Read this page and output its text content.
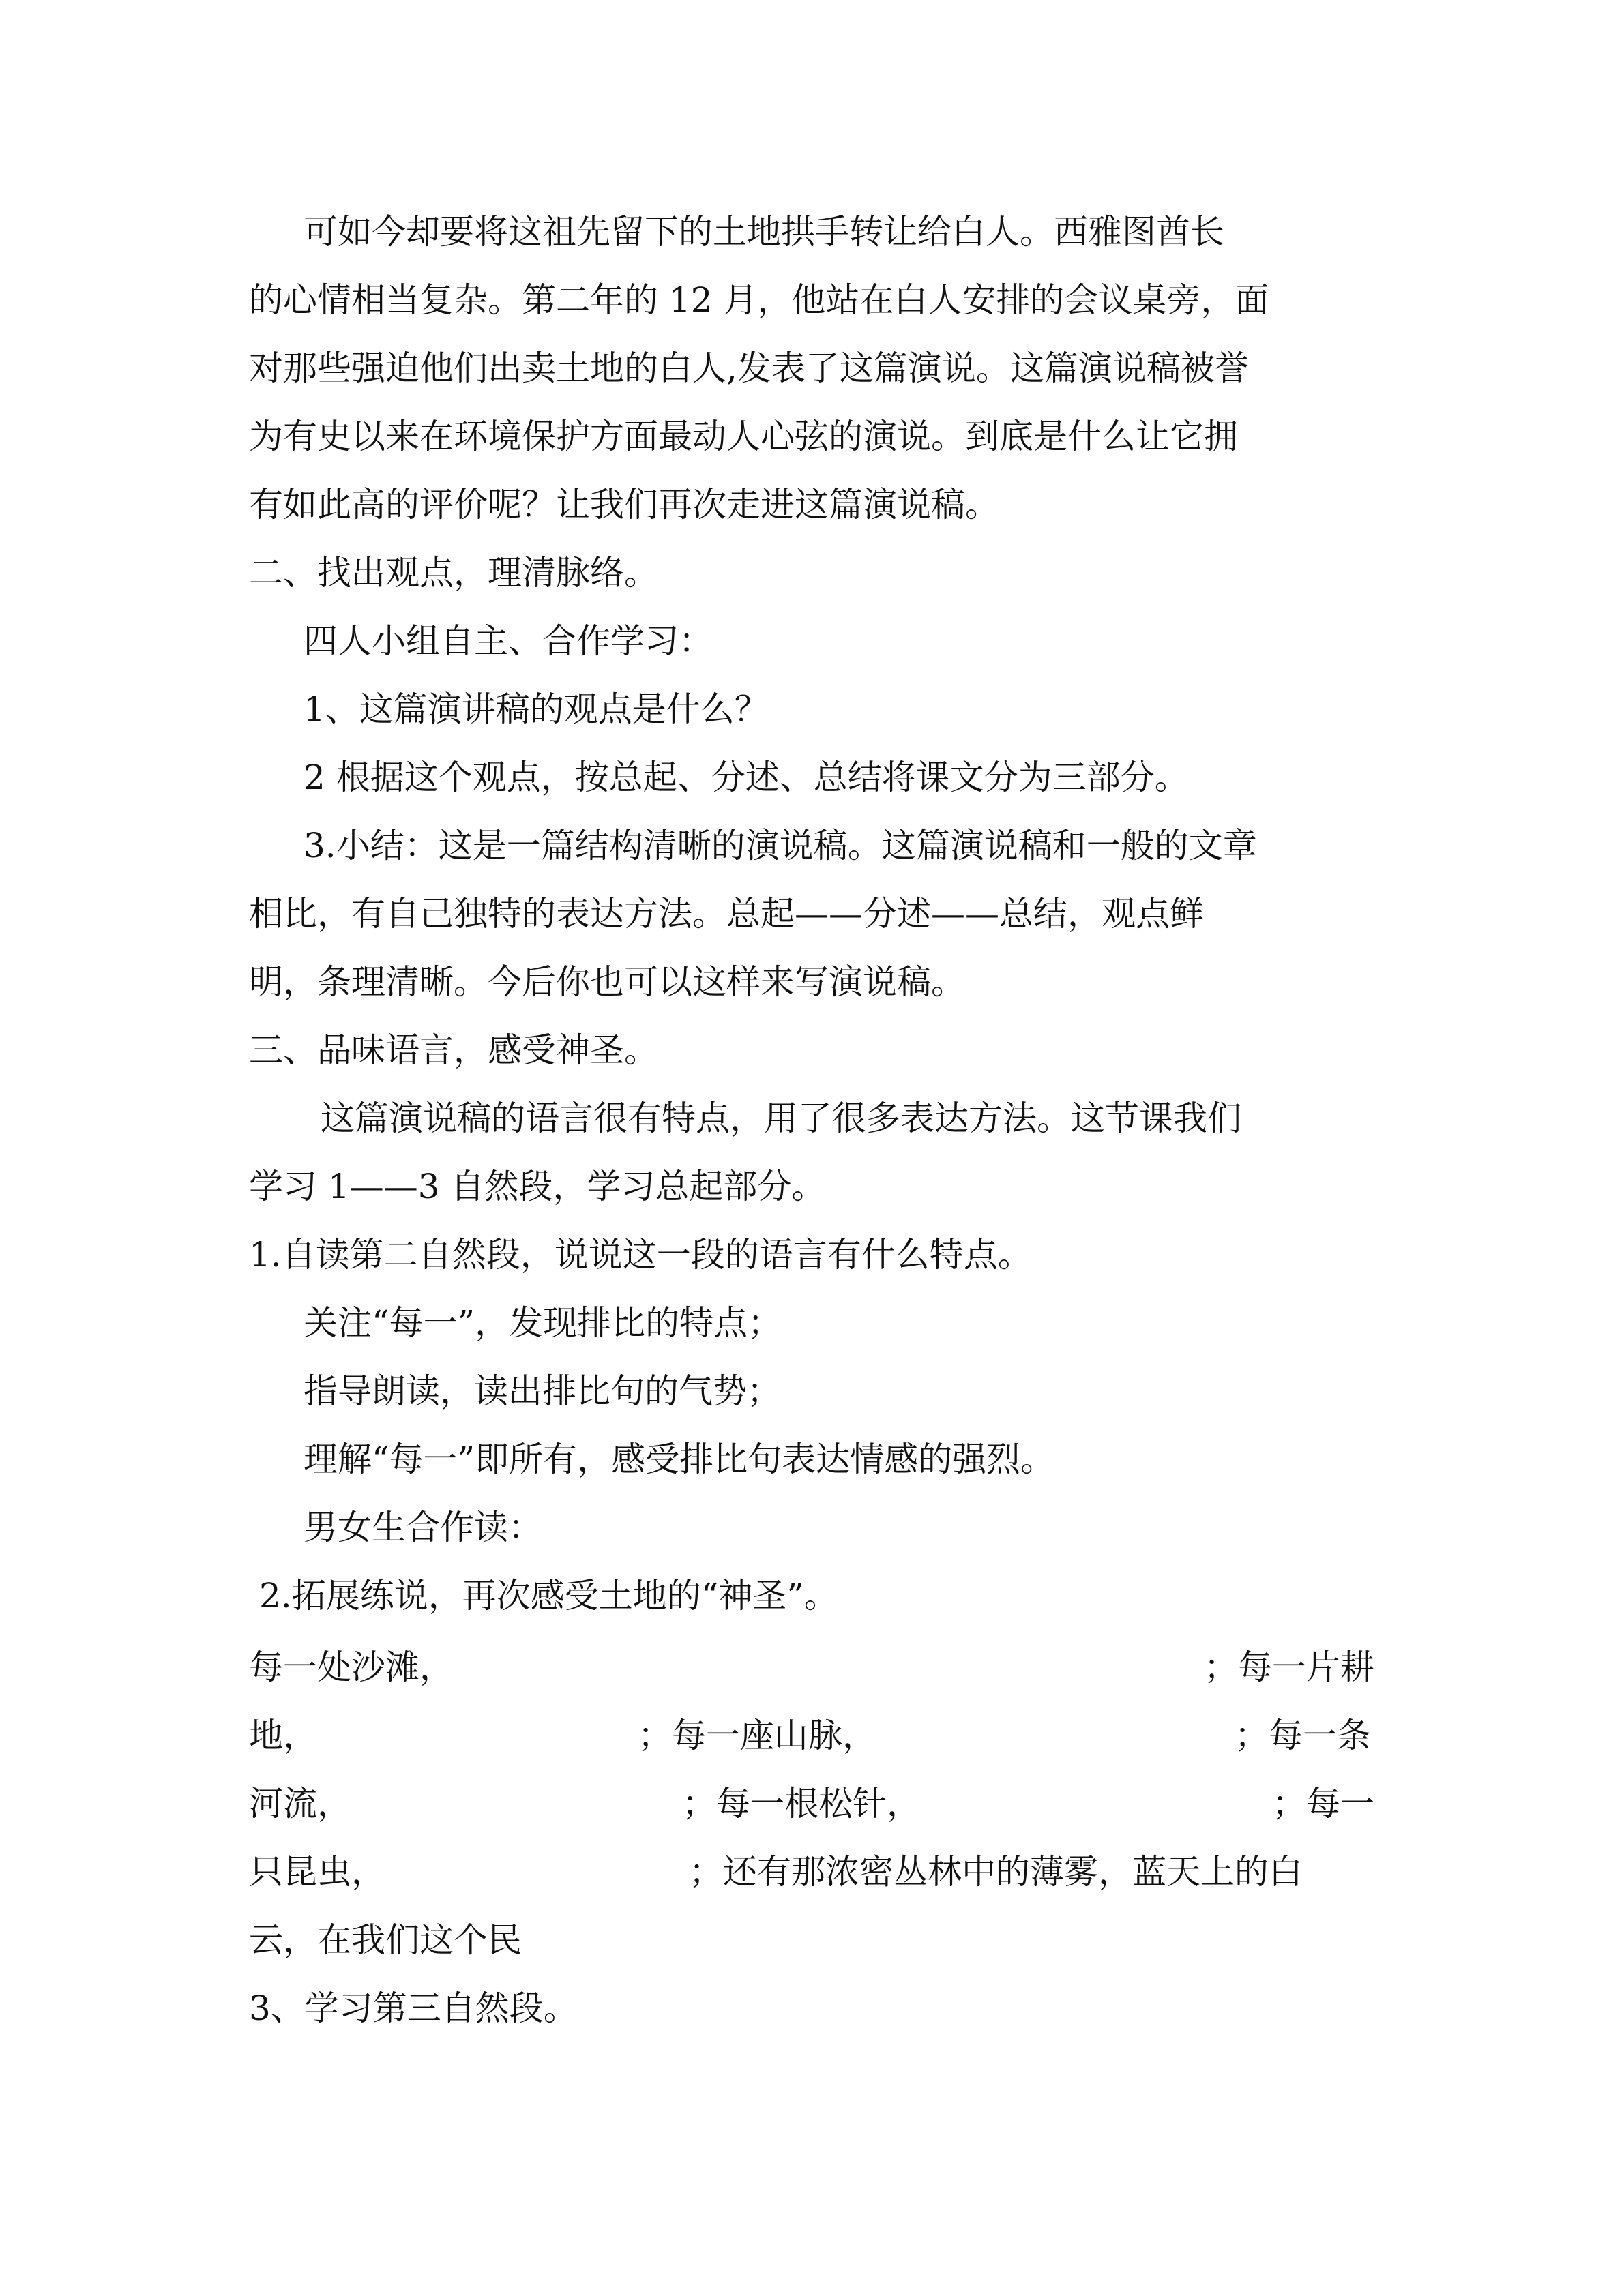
可如今却要将这祖先留下的土地拱手转让给白人。西雅图酋长
的心情相当复杂。第二年的 12 月，他站在白人安排的会议桌旁，面
对那些强迫他们出卖土地的白人,发表了这篇演说。这篇演说稿被誉
为有史以来在环境保护方面最动人心弦的演说。到底是什么让它拥
有如此高的评价呢？让我们再次走进这篇演说稿。
二、找出观点，理清脉络。
四人小组自主、合作学习：
1、这篇演讲稿的观点是什么？
2 根据这个观点，按总起、分述、总结将课文分为三部分。
3.小结：这是一篇结构清晰的演说稿。这篇演说稿和一般的文章
相比，有自己独特的表达方法。总起——分述——总结，观点鲜
明，条理清晰。今后你也可以这样来写演说稿。
三、品味语言，感受神圣。
这篇演说稿的语言很有特点，用了很多表达方法。这节课我们
学习 1——3 自然段，学习总起部分。
1.自读第二自然段，说说这一段的语言有什么特点。
关注“每一”，发现排比的特点；
指导朗读，读出排比句的气势；
理解“每一”即所有，感受排比句表达情感的强烈。
男女生合作读：
2.拓展练说，再次感受土地的“神圣”。
每一处沙滩，	；每一片耕
地，	；每一座山脉，	；每一条
河流，	；每一根松针，	；每一
只昆虫，	；还有那浓密丛林中的薄雾，蓝天上的白
云，在我们这个民
3、学习第三自然段。
